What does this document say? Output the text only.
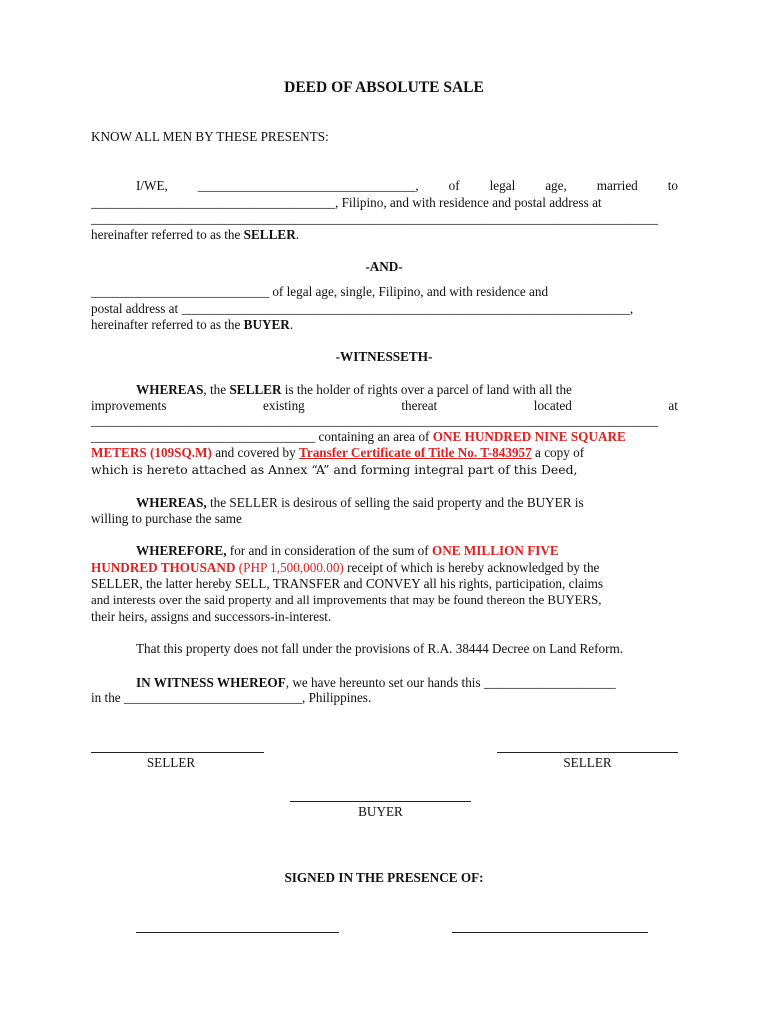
DEED OF ABSOLUTE SALE
KNOW ALL MEN BY THESE PRESENTS:
I/WE, _________________________________, of legal age, married to
_____________________________________, Filipino, and with residence and postal address at
______________________________________________________________________________________
hereinafter referred to as the SELLER.
-AND-
___________________________ of legal age, single, Filipino, and with residence and
postal address at ____________________________________________________________________,
hereinafter referred to as the BUYER.
-WITNESSETH-
WHEREAS, the SELLER is the holder of rights over a parcel of land with all the
improvements	existing	thereat	located	at
______________________________________________________________________________________
__________________________________ containing an area of ONE HUNDRED NINE SQUARE
METERS (109SQ.M) and covered by Transfer Certificate of Title No. T-843957 a copy of
which is hereto attached as Annex “A” and forming integral part of this Deed,
WHEREAS, the SELLER is desirous of selling the said property and the BUYER is
willing to purchase the same
WHEREFORE, for and in consideration of the sum of ONE MILLION FIVE
HUNDRED THOUSAND (PHP 1,500,000.00) receipt of which is hereby acknowledged by the
SELLER, the latter hereby SELL, TRANSFER and CONVEY all his rights, participation, claims
and interests over the said property and all improvements that may be found thereon the BUYERS,
their heirs, assigns and successors-in-interest.
That this property does not fall under the provisions of R.A. 38444 Decree on Land Reform.
IN WITNESS WHEREOF, we have hereunto set our hands this ____________________
in the ___________________________, Philippines.
SELLER	SELLER
BUYER
SIGNED IN THE PRESENCE OF:
